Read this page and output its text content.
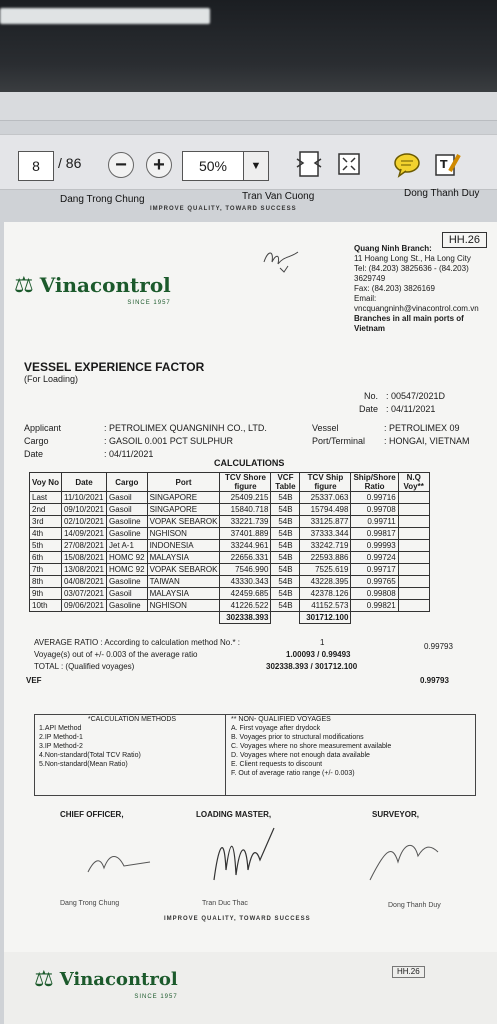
8	/ 86	−	+	50%	▼	T
Dang Trong Chung	Tran Van Cuong	Dong Thanh Duy
IMPROVE QUALITY, TOWARD SUCCESS
⚖ Vinacontrol
SINCE 1957
HH.26
Quang Ninh Branch:
11 Hoang Long St., Ha Long City
Tel: (84.203) 3825636 - (84.203) 3629749
Fax: (84.203) 3826169
Email: vncquangninh@vinacontrol.com.vn
Branches in all main ports of Vietnam
VESSEL EXPERIENCE FACTOR
(For Loading)
No. : 00547/2021D
Date : 04/11/2021
Applicant	: PETROLIMEX QUANGNINH CO., LTD.
Cargo	: GASOIL 0.001 PCT SULPHUR
Date	: 04/11/2021
Vessel	: PETROLIMEX 09
Port/Terminal : HONGAI, VIETNAM
CALCULATIONS
Voy No	Date	Cargo	Port	TCV Shore figure	VCF Table	TCV Ship figure	Ship/Shore Ratio	N.Q Voy**
Last	11/10/2021	Gasoil	SINGAPORE	25409.215	54B	25337.063	0.99716	
2nd	09/10/2021	Gasoil	SINGAPORE	15840.718	54B	15794.498	0.99708	
3rd	02/10/2021	Gasoline	VOPAK SEBAROK	33221.739	54B	33125.877	0.99711	
4th	14/09/2021	Gasoline	NGHISON	37401.889	54B	37333.344	0.99817	
5th	27/08/2021	Jet A-1	INDONESIA	33244.961	54B	33242.719	0.99993	
6th	15/08/2021	HOMC 92	MALAYSIA	22656.331	54B	22593.886	0.99724	
7th	13/08/2021	HOMC 92	VOPAK SEBAROK	7546.990	54B	7525.619	0.99717	
8th	04/08/2021	Gasoline	TAIWAN	43330.343	54B	43228.395	0.99765	
9th	03/07/2021	Gasoil	MALAYSIA	42459.685	54B	42378.126	0.99808	
10th	09/06/2021	Gasoline	NGHISON	41226.522	54B	41152.573	0.99821	
				302338.393		301712.100		
AVERAGE RATIO : According to calculation method No.* :	1	0.99793
Voyage(s) out of +/- 0.003 of the average ratio	1.00093 / 0.99493
TOTAL : (Qualified voyages)	302338.393 / 301712.100
VEF	0.99793
*CALCULATION METHODS
1.API Method
2.IP Method-1
3.IP Method-2
4.Non-standard(Total TCV Ratio)
5.Non-standard(Mean Ratio)
** NON- QUALIFIED VOYAGES
A. First voyage after drydock
B. Voyages prior to structural modifications
C. Voyages where no shore measurement available
D. Voyages where not enough data available
E. Client requests to discount
F. Out of average ratio range (+/- 0.003)
CHIEF OFFICER,	LOADING MASTER,	SURVEYOR,
Dang Trong Chung	Tran Duc Thac	Dong Thanh Duy
IMPROVE QUALITY, TOWARD SUCCESS
⚖ Vinacontrol
SINCE 1957
HH.26
